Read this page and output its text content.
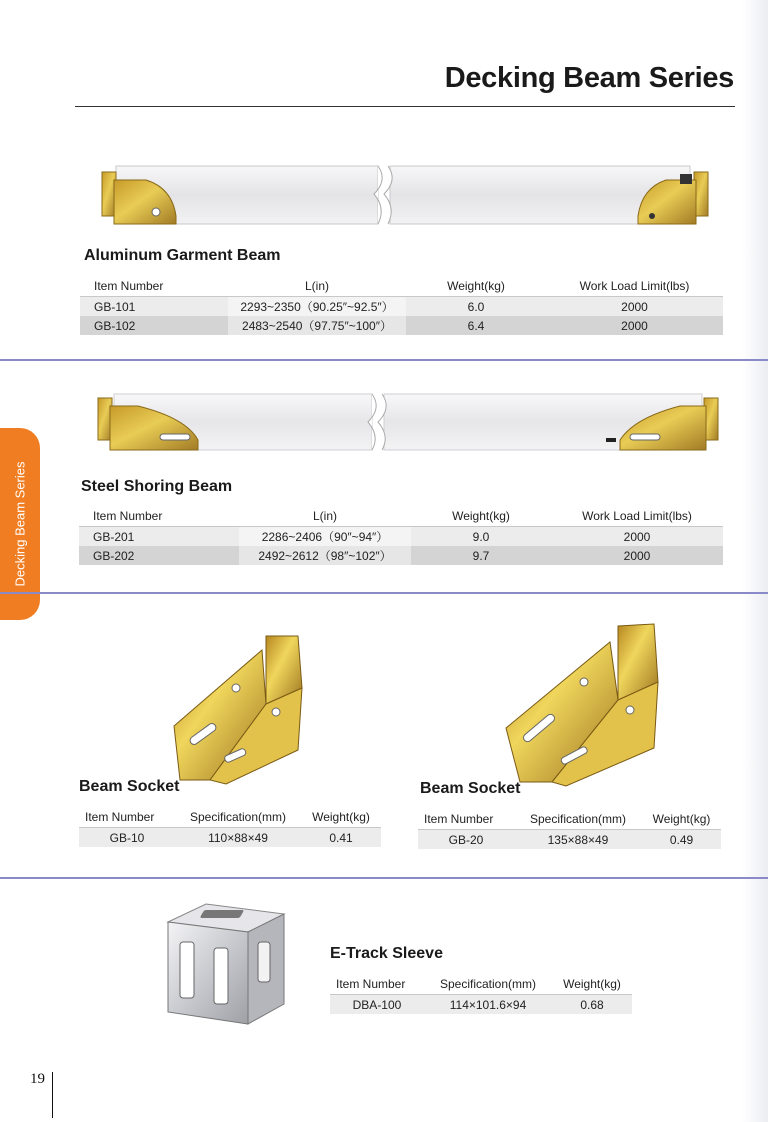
Decking Beam Series
Decking Beam Series
Aluminum Garment Beam
Item Number	L(in)	Weight(kg)	Work Load Limit(lbs)
GB-101	2293~2350（90.25″~92.5″）	6.0	2000
GB-102	2483~2540（97.75″~100″）	6.4	2000
Steel Shoring Beam
Item Number	L(in)	Weight(kg)	Work Load Limit(lbs)
GB-201	2286~2406（90″~94″）	9.0	2000
GB-202	2492~2612（98″~102″）	9.7	2000
Beam Socket	Beam Socket
Item Number	Specification(mm)	Weight(kg)
GB-10	110×88×49	0.41
Item Number	Specification(mm)	Weight(kg)
GB-20	135×88×49	0.49
E-Track Sleeve
Item Number	Specification(mm)	Weight(kg)
DBA-100	114×101.6×94	0.68
19
